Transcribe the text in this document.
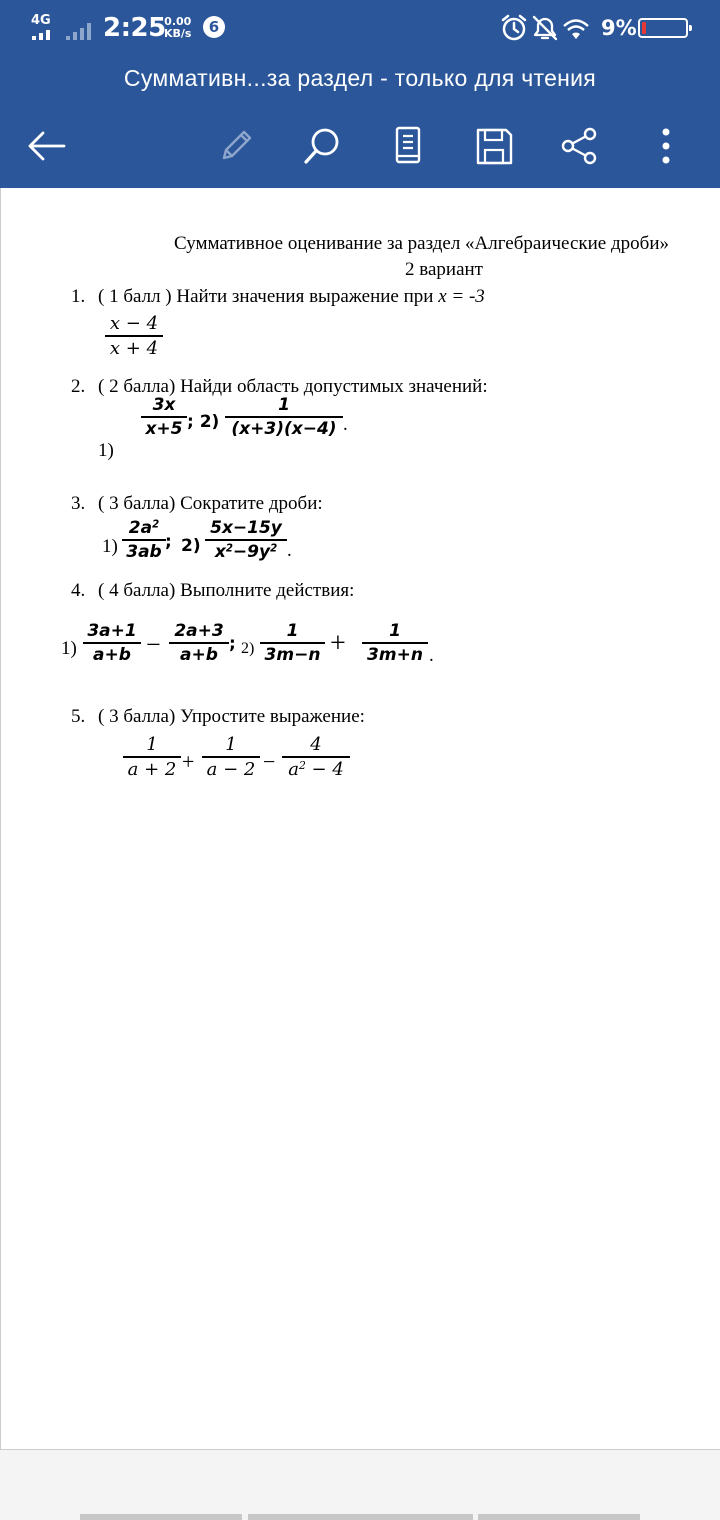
4G 2:25
0.00
KB/s	6	9%
Суммативн...за раздел - только для чтения
Суммативное оценивание за раздел «Алгебраические дроби»
2 вариант
1. ( 1 балл ) Найти значения выражение при x = -3
x − 4
x + 4
2. ( 2 балла) Найди область допустимых значений:
1)
3x
x+5 ; 2)
1
(x+3)(x−4) .
3. ( 3 балла) Сократите дроби:
1)
$2a^2$
3ab ; 2)
5x−15y
$x^2-9y^2$ .
4. ( 4 балла) Выполните действия:
1)
3a+1
a+b − 2a+3
a+b
; 2)
1
3m−n +	1
3m+n .
5. ( 3 балла) Упростите выражение:
1
a + 2 +
1
a − 2 −
4
$a^2 - 4$
